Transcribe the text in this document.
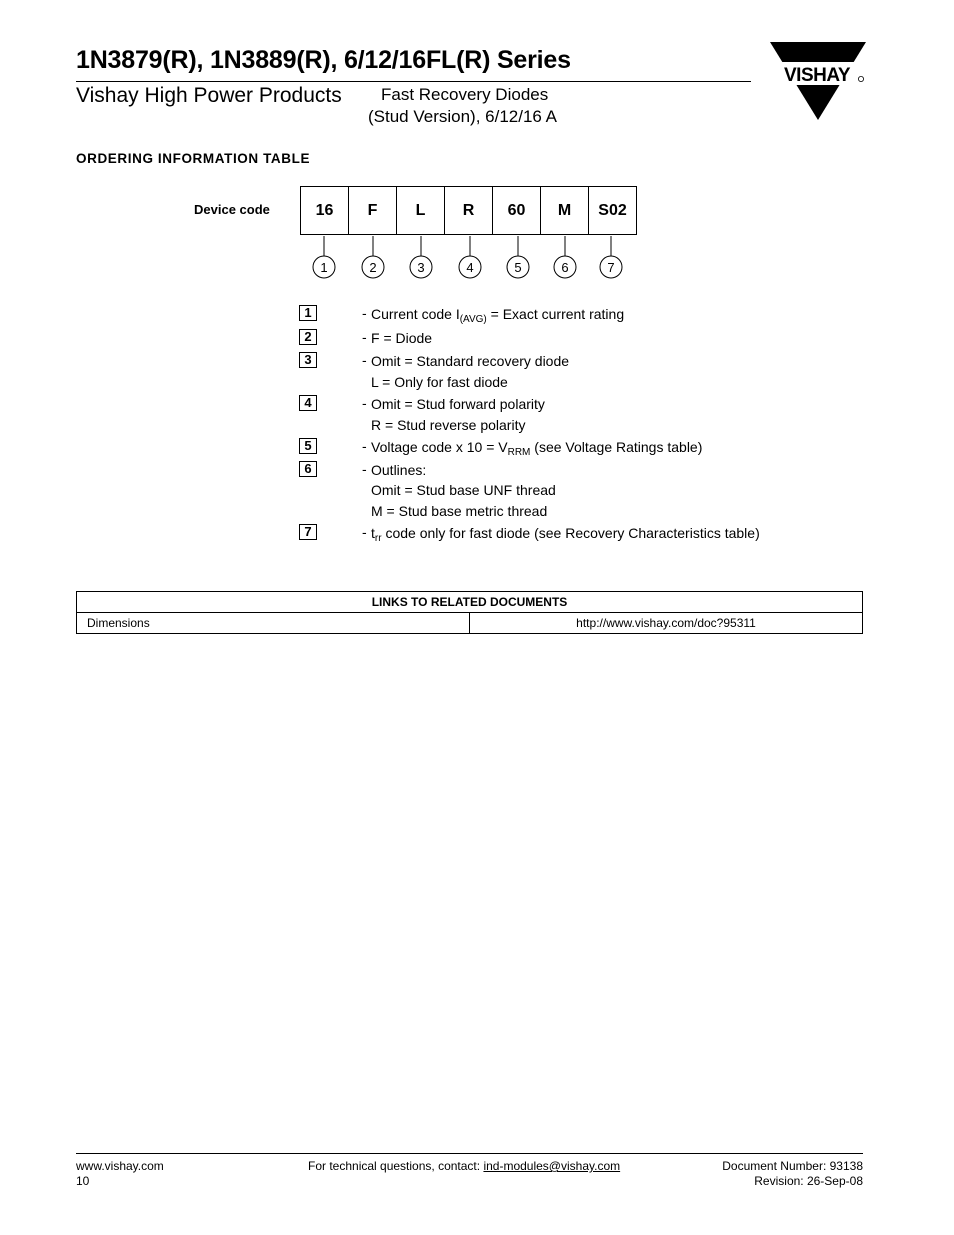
1N3879(R), 1N3889(R), 6/12/16FL(R) Series
Vishay High Power Products Fast Recovery Diodes
(Stud Version), 6/12/16 A
VISHAY
ORDERING INFORMATION TABLE
Device code	16	F	L	R	60	M	S02
1	2	3	4	5	6	7
1	- Current code $I_{(AVG)}$ = Exact current rating
2	- F = Diode
3	- Omit = Standard recovery diode
L = Only for fast diode
4	- Omit = Stud forward polarity
R = Stud reverse polarity
5	- Voltage code x $10 = V_{RRM}$ (see Voltage Ratings table)
6	- Outlines:
Omit = Stud base UNF thread
M = Stud base metric thread
7	- $t_{rr}$ code only for fast diode (see Recovery Characteristics table)
LINKS TO RELATED DOCUMENTS
Dimensions	http://www.vishay.com/doc?95311
www.vishay.com
10
For technical questions, contact: ind-modules@vishay.com	Document Number: 93138
Revision: 26-Sep-08
